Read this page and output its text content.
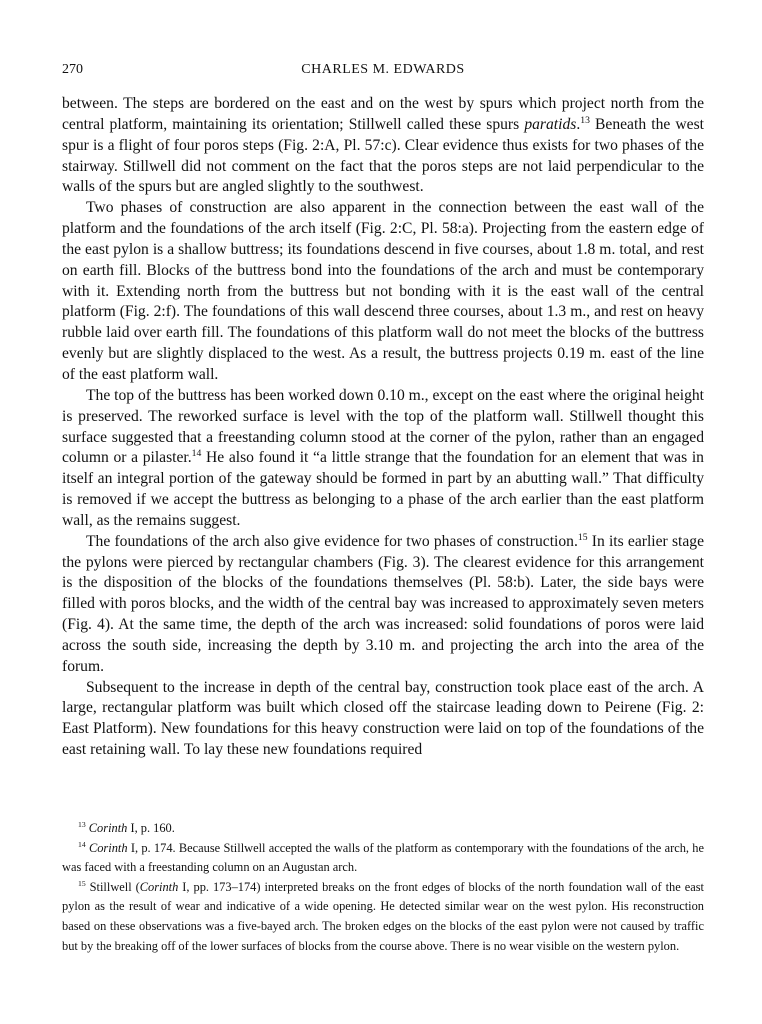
270	CHARLES M. EDWARDS

between. The steps are bordered on the east and on the west by spurs which project north from the central platform, maintaining its orientation; Stillwell called these spurs paratids.$^{13}$ Beneath the west spur is a flight of four poros steps (Fig. 2:A, Pl. 57:c). Clear evidence thus exists for two phases of the stairway. Stillwell did not comment on the fact that the poros steps are not laid perpendicular to the walls of the spurs but are angled slightly to the southwest.

Two phases of construction are also apparent in the connection between the east wall of the platform and the foundations of the arch itself (Fig. 2:C, Pl. 58:a). Projecting from the eastern edge of the east pylon is a shallow buttress; its foundations descend in five courses, about 1.8 m. total, and rest on earth fill. Blocks of the buttress bond into the foundations of the arch and must be contemporary with it. Extending north from the buttress but not bonding with it is the east wall of the central platform (Fig. 2:f). The foundations of this wall descend three courses, about 1.3 m., and rest on heavy rubble laid over earth fill. The foundations of this platform wall do not meet the blocks of the buttress evenly but are slightly displaced to the west. As a result, the buttress projects 0.19 m. east of the line of the east platform wall.

The top of the buttress has been worked down 0.10 m., except on the east where the original height is preserved. The reworked surface is level with the top of the platform wall. Stillwell thought this surface suggested that a freestanding column stood at the corner of the pylon, rather than an engaged column or a pilaster.$^{14}$ He also found it “a little strange that the foundation for an element that was in itself an integral portion of the gateway should be formed in part by an abutting wall.” That difficulty is removed if we accept the buttress as belonging to a phase of the arch earlier than the east platform wall, as the remains suggest.

The foundations of the arch also give evidence for two phases of construction.$^{15}$ In its earlier stage the pylons were pierced by rectangular chambers (Fig. 3). The clearest evidence for this arrangement is the disposition of the blocks of the foundations themselves (Pl. 58:b). Later, the side bays were filled with poros blocks, and the width of the central bay was increased to approximately seven meters (Fig. 4). At the same time, the depth of the arch was increased: solid foundations of poros were laid across the south side, increasing the depth by 3.10 m. and projecting the arch into the area of the forum.

Subsequent to the increase in depth of the central bay, construction took place east of the arch. A large, rectangular platform was built which closed off the staircase leading down to Peirene (Fig. 2: East Platform). New foundations for this heavy construction were laid on top of the foundations of the east retaining wall. To lay these new foundations required

$^{13}$ Corinth I, p. 160.

$^{14}$ Corinth I, p. 174. Because Stillwell accepted the walls of the platform as contemporary with the foundations of the arch, he was faced with a freestanding column on an Augustan arch.

$^{15}$ Stillwell (Corinth I, pp. 173–174) interpreted breaks on the front edges of blocks of the north foundation wall of the east pylon as the result of wear and indicative of a wide opening. He detected similar wear on the west pylon. His reconstruction based on these observations was a five-bayed arch. The broken edges on the blocks of the east pylon were not caused by traffic but by the breaking off of the lower surfaces of blocks from the course above. There is no wear visible on the western pylon.
